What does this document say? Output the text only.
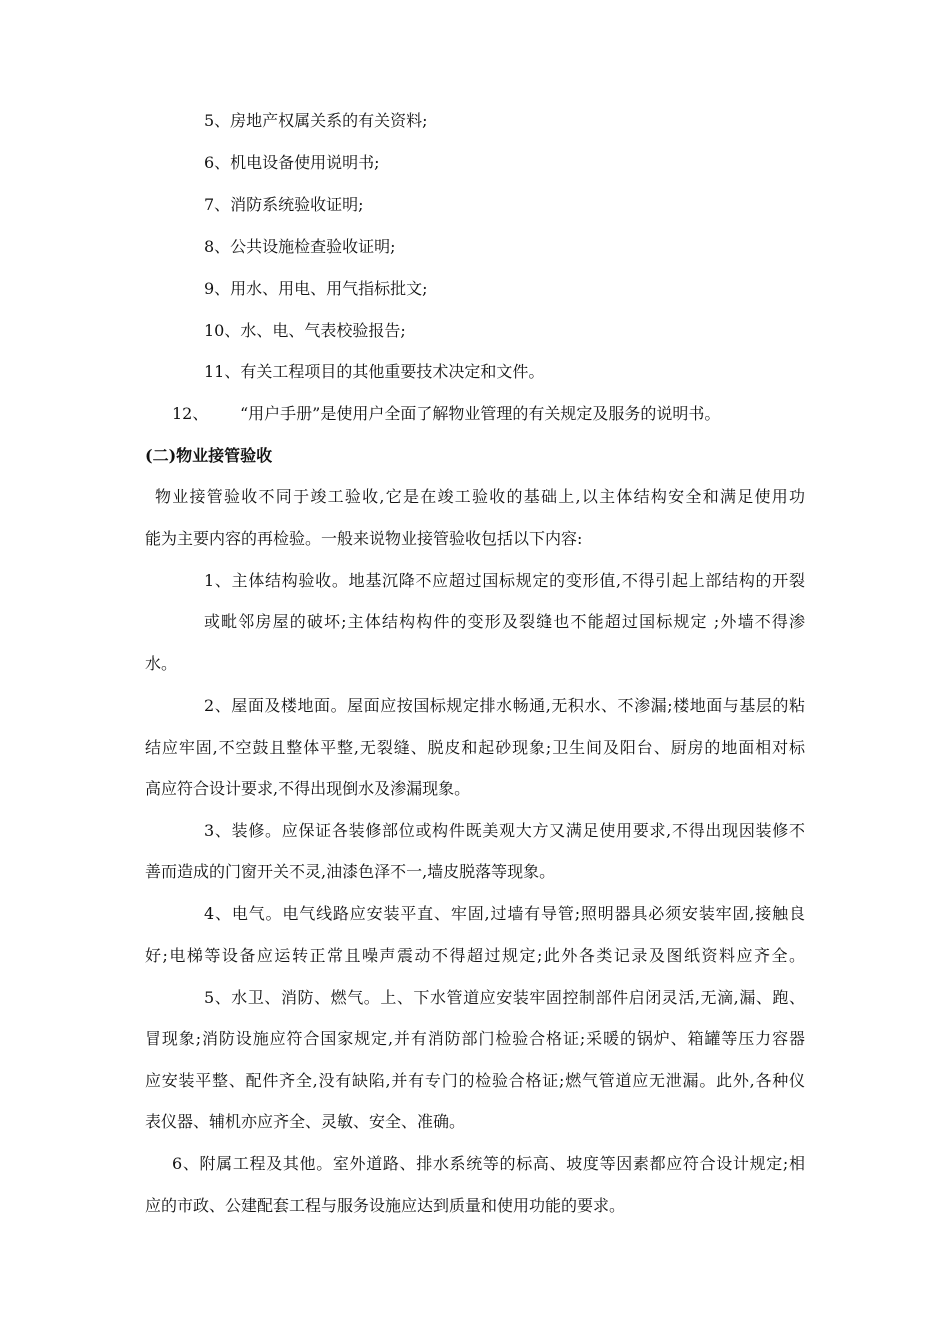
5、房地产权属关系的有关资料;
6、机电设备使用说明书;
7、消防系统验收证明;
8、公共设施检查验收证明;
9、用水、用电、用气指标批文;
10、水、电、气表校验报告;
11、有关工程项目的其他重要技术决定和文件。
12、 “用户手册”是使用户全面了解物业管理的有关规定及服务的说明书。
(二)物业接管验收
物业接管验收不同于竣工验收,它是在竣工验收的基础上,以主体结构安全和满足使用功
能为主要内容的再检验。一般来说物业接管验收包括以下内容:
1、主体结构验收。地基沉降不应超过国标规定的变形值,不得引起上部结构的开裂
或毗邻房屋的破坏;主体结构构件的变形及裂缝也不能超过国标规定 ;外墙不得渗
水。
2、屋面及楼地面。屋面应按国标规定排水畅通,无积水、不渗漏;楼地面与基层的粘
结应牢固,不空鼓且整体平整,无裂缝、脱皮和起砂现象;卫生间及阳台、厨房的地面相对标
高应符合设计要求,不得出现倒水及渗漏现象。
3、装修。应保证各装修部位或构件既美观大方又满足使用要求,不得出现因装修不
善而造成的门窗开关不灵,油漆色泽不一,墙皮脱落等现象。
4、电气。电气线路应安装平直、牢固,过墙有导管;照明器具必须安装牢固,接触良
好;电梯等设备应运转正常且噪声震动不得超过规定;此外各类记录及图纸资料应齐全。
5、水卫、消防、燃气。上、下水管道应安装牢固控制部件启闭灵活,无滴,漏、跑、
冒现象;消防设施应符合国家规定,并有消防部门检验合格证;采暖的锅炉、箱罐等压力容器
应安装平整、配件齐全,没有缺陷,并有专门的检验合格证;燃气管道应无泄漏。此外,各种仪
表仪器、辅机亦应齐全、灵敏、安全、准确。
6、附属工程及其他。室外道路、排水系统等的标高、坡度等因素都应符合设计规定;相
应的市政、公建配套工程与服务设施应达到质量和使用功能的要求。
